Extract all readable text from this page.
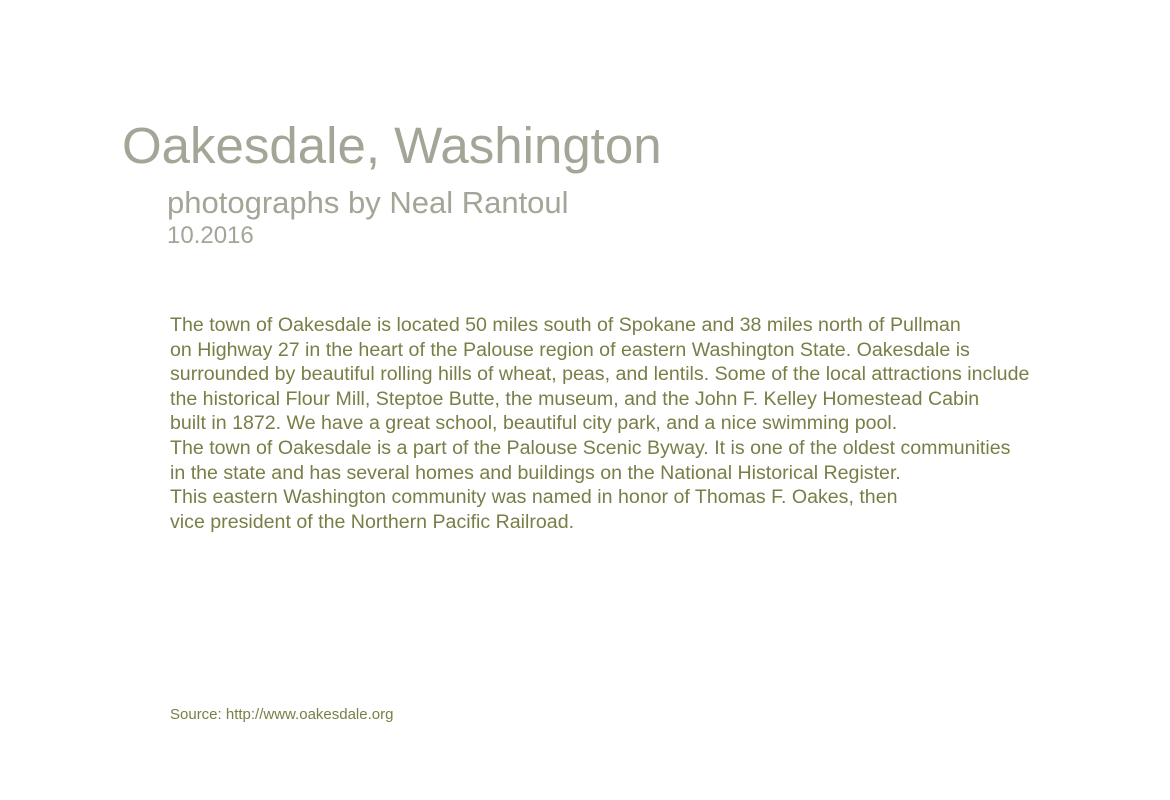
Oakesdale, Washington
photographs by Neal Rantoul
10.2016
The town of Oakesdale is located 50 miles south of Spokane and 38 miles north of Pullman
on Highway 27 in the heart of the Palouse region of eastern Washington State. Oakesdale is
surrounded by beautiful rolling hills of wheat, peas, and lentils. Some of the local attractions include
the historical Flour Mill, Steptoe Butte, the museum, and the John F. Kelley Homestead Cabin
built in 1872. We have a great school, beautiful city park, and a nice swimming pool.
The town of Oakesdale is a part of the Palouse Scenic Byway. It is one of the oldest communities
in the state and has several homes and buildings on the National Historical Register.
This eastern Washington community was named in honor of Thomas F. Oakes, then
vice president of the Northern Pacific Railroad.
Source: http://www.oakesdale.org
